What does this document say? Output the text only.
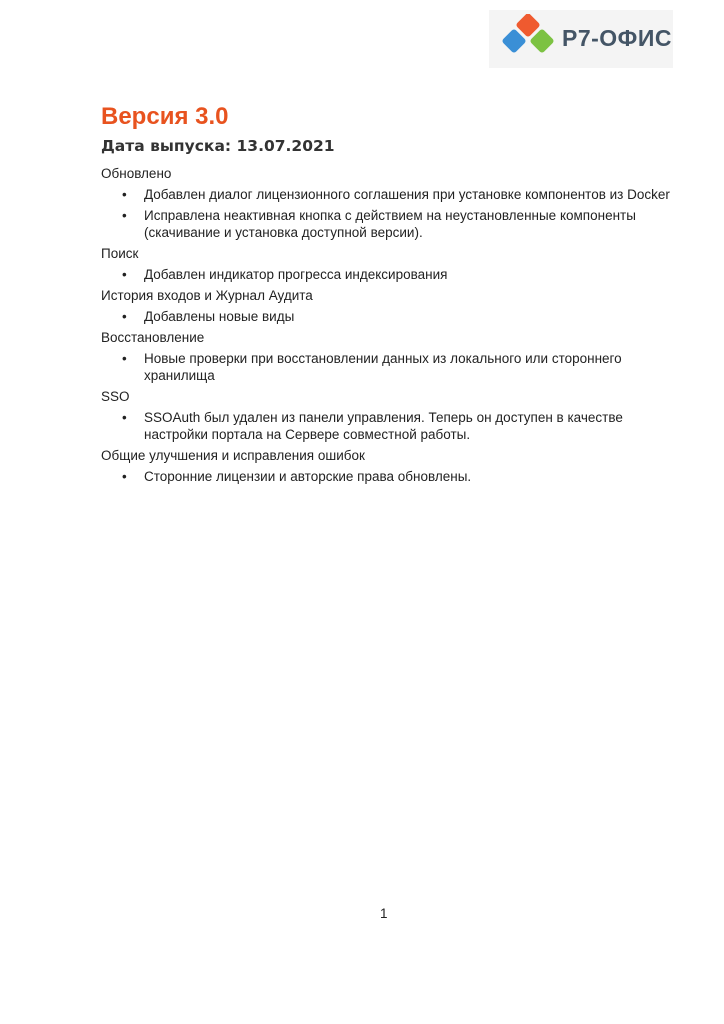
Р7-ОФИС
Версия 3.0
Дата выпуска: 13.07.2021

Обновлено

• Добавлен диалог лицензионного соглашения при установке компонентов из Docker
• Исправлена неактивная кнопка с действием на неустановленные компоненты (скачивание и установка доступной версии).

Поиск

• Добавлен индикатор прогресса индексирования

История входов и Журнал Аудита

• Добавлены новые виды

Восстановление

• Новые проверки при восстановлении данных из локального или стороннего хранилища

SSO

• SSOAuth был удален из панели управления. Теперь он доступен в качестве настройки портала на Сервере совместной работы.

Общие улучшения и исправления ошибок

• Сторонние лицензии и авторские права обновлены.
1
